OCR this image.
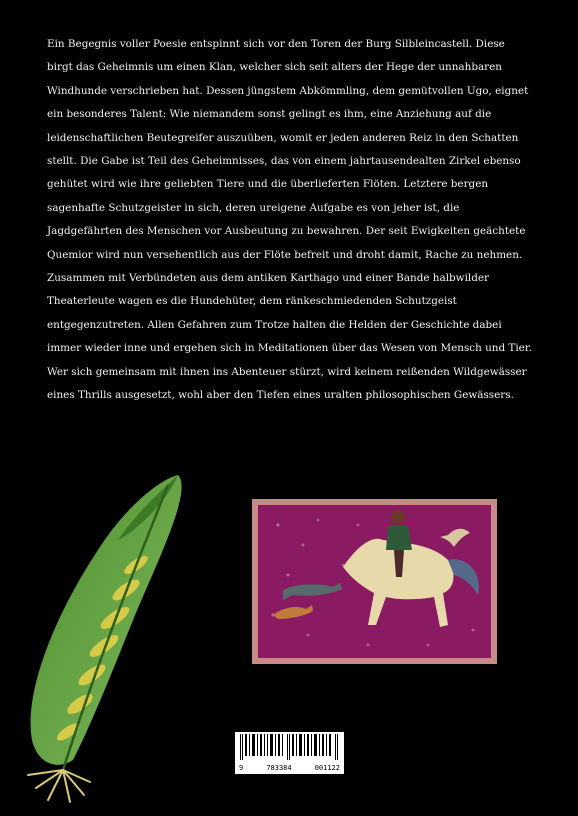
Ein Begegnis voller Poesie entspinnt sich vor den Toren der Burg Silbleincastell. Diese birgt das Geheimnis um einen Klan, welcher sich seit alters der Hege der unnahbaren Windhunde verschrieben hat. Dessen jüngstem Abkömmling, dem gemütvollen Ugo, eignet ein besonderes Talent: Wie niemandem sonst gelingt es ihm, eine Anziehung auf die leidenschaftlichen Beutegreifer auszuüben, womit er jeden anderen Reiz in den Schatten stellt. Die Gabe ist Teil des Geheimnisses, das von einem jahrtausendealten Zirkel ebenso gehütet wird wie ihre geliebten Tiere und die überlieferten Flöten. Letztere bergen sagenhafte Schutzgeister in sich, deren ureigene Aufgabe es von jeher ist, die Jagdgefährten des Menschen vor Ausbeutung zu bewahren. Der seit Ewigkeiten geächtete Quemior wird nun versehentlich aus der Flöte befreit und droht damit, Rache zu nehmen. Zusammen mit Verbündeten aus dem antiken Karthago und einer Bande halbwilder Theaterleute wagen es die Hundehüter, dem ränkeschmiedenden Schutzgeist entgegenzutreten. Allen Gefahren zum Trotze halten die Helden der Geschichte dabei immer wieder inne und ergehen sich in Meditationen über das Wesen von Mensch und Tier. Wer sich gemeinsam mit ihnen ins Abenteuer stürzt, wird keinem reißenden Wildgewässer eines Thrills ausgesetzt, wohl aber den Tiefen eines uralten philosophischen Gewässers.

9	783384	001122
